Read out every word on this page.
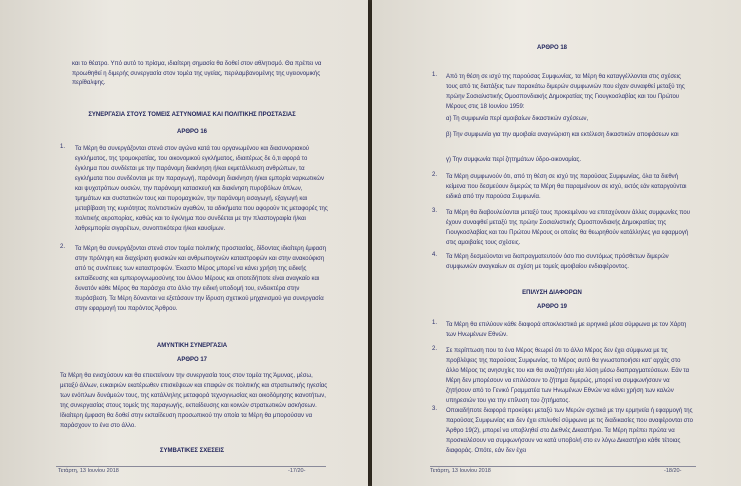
και το θέατρο. Υπό αυτό το πρίσμα, ιδιαίτερη σημασία θα δοθεί στον αθλητισμό. Θα πρέπει να προωθηθεί η διμερής συνεργασία στον τομέα της υγείας, περιλαμβανομένης της υγειονομικής περίθαλψης.
ΣΥΝΕΡΓΑΣΙΑ ΣΤΟΥΣ ΤΟΜΕΙΣ ΑΣΤΥΝΟΜΙΑΣ ΚΑΙ ΠΟΛΙΤΙΚΗΣ ΠΡΟΣΤΑΣΙΑΣ
ΑΡΘΡΟ 16
1. Τα Μέρη θα συνεργάζονται στενά στον αγώνα κατά του οργανωμένου και διασυνοριακού εγκλήματος, της τρομοκρατίας, του οικονομικού εγκλήματος, ιδιαιτέρως δε ό,τι αφορά το έγκλημα που συνδέεται με την παράνομη διακίνηση ή/και εκμετάλλευση ανθρώπων, τα εγκλήματα που συνδέονται με την παραγωγή, παράνομη διακίνηση ή/και εμπορία ναρκωτικών και ψυχοτρόπων ουσιών, την παράνομη κατασκευή και διακίνηση πυροβόλων όπλων, τμημάτων και συστατικών τους και πυρομαχικών, την παράνομη εισαγωγή, εξαγωγή και μεταβίβαση της κυριότητας πολιτιστικών αγαθών, τα αδικήματα που αφορούν τις μεταφορές της πολιτικής αεροπορίας, καθώς και το έγκλημα που συνδέεται με την πλαστογραφία ή/και λαθρεμπορία σιγαρέτων, συνοπτικότερα ή/και καυσίμων.
2. Τα Μέρη θα συνεργάζονται στενά στον τομέα πολιτικής προστασίας, δίδοντας ιδιαίτερη έμφαση στην πρόληψη και διαχείριση φυσικών και ανθρωπογενών καταστροφών και στην ανακούφιση από τις συνέπειες των καταστροφών. Έκαστο Μέρος μπορεί να κάνει χρήση της ειδικής εκπαίδευσης και εμπειρογνωμοσύνης του άλλου Μέρους και οποτεδήποτε είναι αναγκαίο και δυνατόν κάθε Μέρος θα παράσχει στο άλλο την ειδική υποδομή του, ενδεικτέρα στην πυρόσβεση. Τα Μέρη δύνανται να εξετάσουν την ίδρυση σχετικού μηχανισμού για συνεργασία στην εφαρμογή του παρόντος Άρθρου.
ΑΜΥΝΤΙΚΗ ΣΥΝΕΡΓΑΣΙΑ
ΑΡΘΡΟ 17
Τα Μέρη θα ενισχύσουν και θα επεκτείνουν την συνεργασία τους στον τομέα της Άμυνας, μέσω, μεταξύ άλλων, ευκαιριών εκατέρωθεν επισκέψεων και επαφών σε πολιτικής και στρατιωτικής ηγεσίας των ενόπλων δυνάμεών τους, της κατάλληλης μεταφορά τεχνογνωσίας και οικοδόμησης ικανοτήτων, της συνεργασίας στους τομείς της παραγωγής, εκπαίδευσης και κοινών στρατιωτικών ασκήσεων. Ιδιαίτερη έμφαση θα δοθεί στην εκπαίδευση προσωπικού την οποία τα Μέρη θα μπορούσαν να παράσχουν το ένα στο άλλο.
ΣΥΜΒΑΤΙΚΕΣ ΣΧΕΣΕΙΣ
Τετάρτη, 13 Ιουνίου 2018	-17/20-
ΑΡΘΡΟ 18
1. Από τη θέση σε ισχύ της παρούσας Συμφωνίας, τα Μέρη θα καταγγέλλονται στις σχέσεις τους από τις διατάξεις των παρακάτω διμερών συμφωνιών που είχαν συναφθεί μεταξύ της πρώην Σοσιαλιστικής Ομοσπονδιακής Δημοκρατίας της Γιουγκοσλαβίας και του Πρώτου Μέρους στις 18 Ιουνίου 1959:
α) Τη συμφωνία περί αμοιβαίων δικαστικών σχέσεων,
β) Την συμφωνία για την αμοιβαία αναγνώριση και εκτέλεση δικαστικών αποφάσεων και
γ) Την συμφωνία περί ζητημάτων ύδρο-οικονομίας.
2. Τα Μέρη συμφωνούν ότι, από τη θέση σε ισχύ της παρούσας Συμφωνίας, όλα τα διεθνή κείμενα που δεσμεύουν διμερώς τα Μέρη θα παραμείνουν σε ισχύ, εκτός εάν καταργούνται ειδικά από την παρούσα Συμφωνία.
3. Τα Μέρη θα διαβουλεύονται μεταξύ τους προκειμένου να επιταχύνουν άλλες συμφωνίες που έχουν συναφθεί μεταξύ της πρώην Σοσιαλιστικής Ομοσπονδιακής Δημοκρατίας της Γιουγκοσλαβίας και του Πρώτου Μέρους οι οποίες θα θεωρηθούν κατάλληλες για εφαρμογή στις αμοιβαίες τους σχέσεις.
4. Τα Μέρη δεσμεύονται να διαπραγματευτούν όσο πιο συντόμως πρόσθετων διμερών συμφωνιών αναγκαίων σε σχέση με τομείς αμοιβαίου ενδιαφέροντος.
ΕΠΙΛΥΣΗ ΔΙΑΦΟΡΩΝ
ΑΡΘΡΟ 19
1. Τα Μέρη θα επιλύουν κάθε διαφορά αποκλειστικά με ειρηνικά μέσα σύμφωνα με τον Χάρτη των Ηνωμένων Εθνών.
2. Σε περίπτωση που το ένα Μέρος θεωρεί ότι το άλλο Μέρος δεν έχει σύμφωνα με τις προβλέψεις της παρούσας Συμφωνίας, το Μέρος αυτό θα γνωστοποιήσει κατ' αρχάς στο άλλο Μέρος τις ανησυχίες του και θα αναζητήσει μία λύση μέσω διαπραγματεύσεων. Εάν τα Μέρη δεν μπορέσουν να επιλύσουν το ζήτημα διμερώς, μπορεί να συμφωνήσουν να ζητήσουν από το Γενικό Γραμματέα των Ηνωμένων Εθνών να κάνει χρήση των καλών υπηρεσιών του για την επίλυση του ζητήματος.
3. Οποιαδήποτε διαφορά προκύψει μεταξύ των Μερών σχετικά με την ερμηνεία ή εφαρμογή της παρούσας Συμφωνίας και δεν έχει επιλυθεί σύμφωνα με τις διαδικασίες που αναφέρονται στο Άρθρο 19(2), μπορεί να υποβληθεί στο Διεθνές Δικαστήριο. Τα Μέρη πρέπει πρώτα να προσκαλέσουν να συμφωνήσουν να κατά υποβολή στο εν λόγω Δικαστήριο κάθε τέτοιας διαφοράς. Οπότε, εάν δεν έχει
Τετάρτη, 13 Ιουνίου 2018	-18/20-
